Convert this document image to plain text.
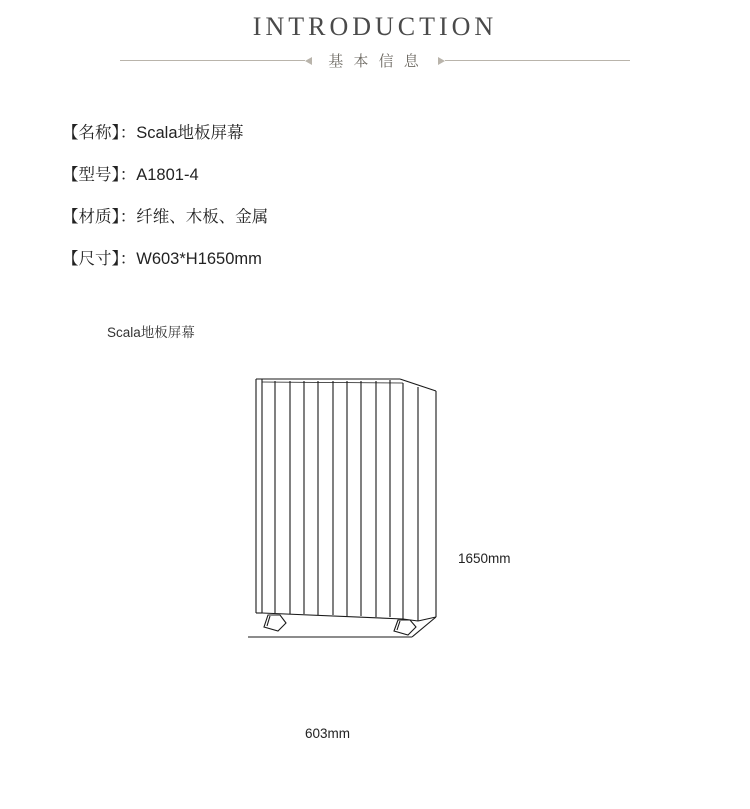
INTRODUCTION
基 本 信 息
【名称】：Scala地板屏幕
【型号】：A1801-4
【材质】：纤维、木板、金属
【尺寸】：W603*H1650mm
Scala地板屏幕
1650mm
603mm
